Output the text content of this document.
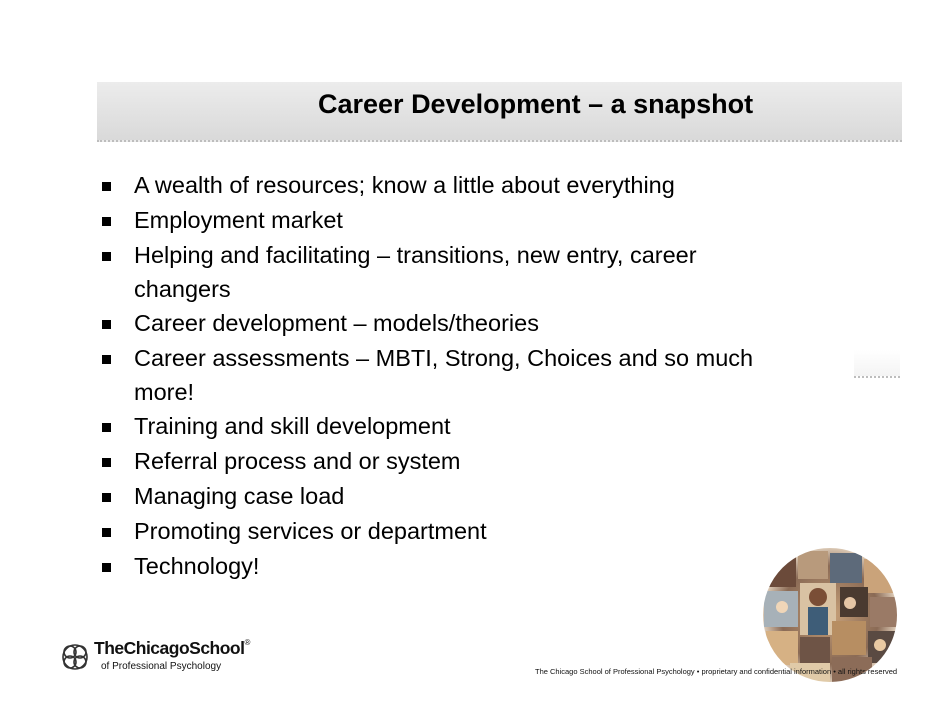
Career Development – a snapshot
A wealth of resources; know a little about everything
Employment market
Helping and facilitating – transitions, new entry, career changers
Career development – models/theories
Career assessments – MBTI, Strong, Choices and so much more!
Training and skill development
Referral process and or system
Managing case load
Promoting services or department
Technology!
TheChicagoSchool®
of Professional Psychology	The Chicago School of Professional Psychology • proprietary and confidential information • all rights reserved
